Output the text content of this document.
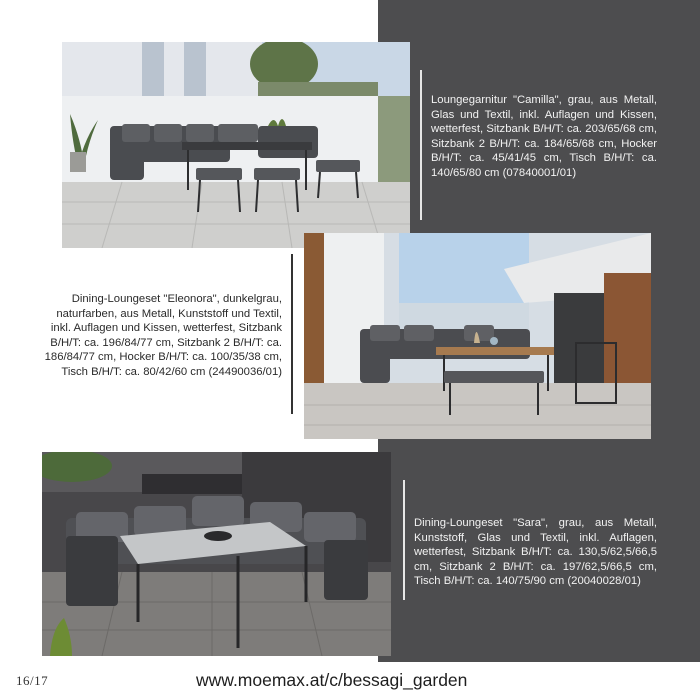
Loungegarnitur "Camilla", grau, aus Metall, Glas und Textil, inkl. Auflagen und Kissen, wetterfest, Sitzbank B/H/T: ca. 203/65/68 cm, Sitzbank 2 B/H/T: ca. 184/65/68 cm, Hocker B/H/T: ca. 45/41/45 cm, Tisch B/H/T: ca. 140/65/80 cm (07840001/01)

Dining-Loungeset "Eleonora", dunkelgrau, naturfarben, aus Metall, Kunststoff und Textil, inkl. Auflagen und Kissen, wetterfest, Sitzbank B/H/T: ca. 196/84/77 cm, Sitzbank 2 B/H/T: ca. 186/84/77 cm, Hocker B/H/T: ca. 100/35/38 cm, Tisch B/H/T: ca. 80/42/60 cm (24490036/01)

Dining-Loungeset "Sara", grau, aus Metall, Kunststoff, Glas und Textil, inkl. Auflagen, wetterfest, Sitzbank B/H/T: ca. 130,5/62,5/66,5 cm, Sitzbank 2 B/H/T: ca. 197/62,5/66,5 cm, Tisch B/H/T: ca. 140/75/90 cm (20040028/01)

16/17	www.moemax.at/c/bessagi_garden
